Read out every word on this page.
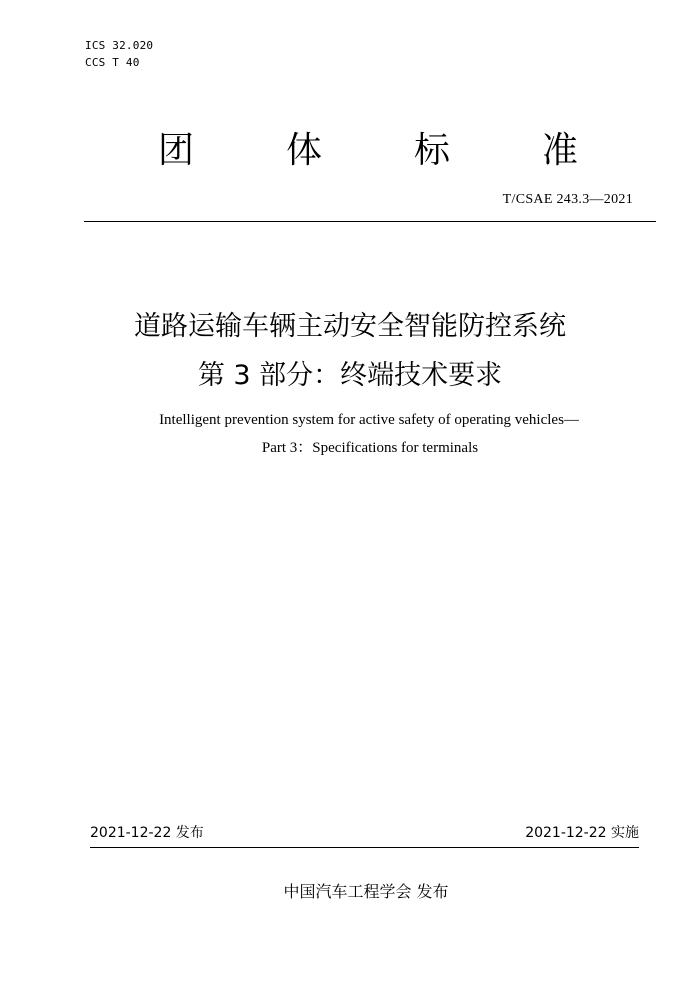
ICS 32.020
CCS T 40
团	体	标	准
T/CSAE 243.3—2021
道路运输车辆主动安全智能防控系统
第 3 部分：终端技术要求
Intelligent prevention system for active safety of operating vehicles—
Part 3：Specifications for terminals
2021-12-22 发布	2021-12-22 实施
中国汽车工程学会 发布
